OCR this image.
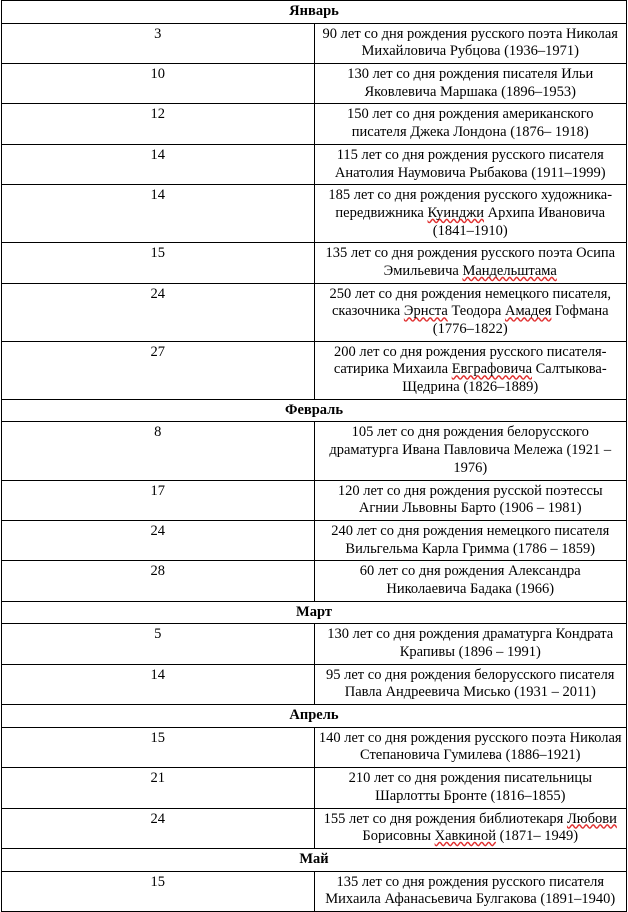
Январь	
3	90 лет со дня рождения русского поэта Николая Михайловича Рубцова (1936–1971)
10	130 лет со дня рождения писателя Ильи Яковлевича Маршака (1896–1953)
12	150 лет со дня рождения американского писателя Джека Лондона (1876– 1918)
14	115 лет со дня рождения русского писателя Анатолия Наумовича Рыбакова (1911–1999)
14	185 лет со дня рождения русского художника-передвижника Куинджи Архипа Ивановича (1841–1910)
15	135 лет со дня рождения русского поэта Осипа Эмильевича Мандельштама
24	250 лет со дня рождения немецкого писателя, сказочника Эрнста Теодора Амадея Гофмана (1776–1822)
27	200 лет со дня рождения русского писателя-сатирика Михаила Евграфовича Салтыкова-Щедрина (1826–1889)
Февраль	
8	105 лет со дня рождения белорусского драматурга Ивана Павловича Мележа (1921 – 1976)
17	120 лет со дня рождения русской поэтессы Агнии Львовны Барто (1906 – 1981)
24	240 лет со дня рождения немецкого писателя Вильгельма Карла Гримма (1786 – 1859)
28	60 лет со дня рождения Александра Николаевича Бадака (1966)
Март	
5	130 лет со дня рождения драматурга Кондрата Крапивы (1896 – 1991)
14	95 лет со дня рождения белорусского писателя Павла Андреевича Мисько (1931 – 2011)
Апрель	
15	140 лет со дня рождения русского поэта Николая Степановича Гумилева (1886–1921)
21	210 лет со дня рождения писательницы Шарлотты Бронте (1816–1855)
24	155 лет со дня рождения библиотекаря Любови Борисовны Хавкиной (1871– 1949)
Май	
15	135 лет со дня рождения русского писателя Михаила Афанасьевича Булгакова (1891–1940)
